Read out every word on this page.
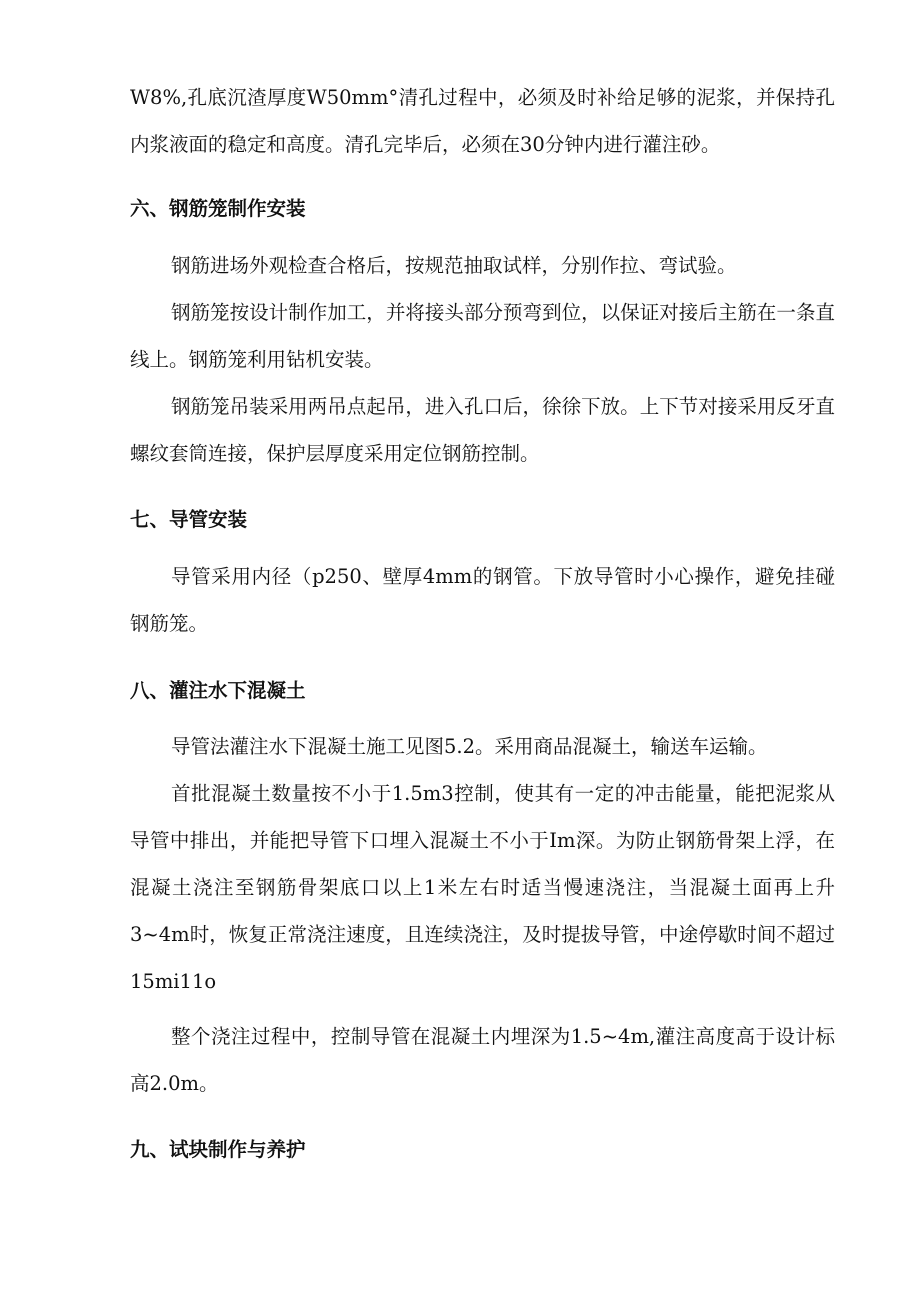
W8%,孔底沉渣厚度W50mm°清孔过程中，必须及时补给足够的泥浆，并保持孔内浆液面的稳定和高度。清孔完毕后，必须在30分钟内进行灌注砂。

六、钢筋笼制作安装

钢筋进场外观检查合格后，按规范抽取试样，分别作拉、弯试验。

钢筋笼按设计制作加工，并将接头部分预弯到位，以保证对接后主筋在一条直线上。钢筋笼利用钻机安装。

钢筋笼吊装采用两吊点起吊，进入孔口后，徐徐下放。上下节对接采用反牙直螺纹套筒连接，保护层厚度采用定位钢筋控制。

七、导管安装

导管采用内径（p250、壁厚4mm的钢管。下放导管时小心操作，避免挂碰钢筋笼。

八、灌注水下混凝土

导管法灌注水下混凝土施工见图5.2。采用商品混凝土，输送车运输。

首批混凝土数量按不小于1.5m3控制，使其有一定的冲击能量，能把泥浆从导管中排出，并能把导管下口埋入混凝土不小于Im深。为防止钢筋骨架上浮，在混凝土浇注至钢筋骨架底口以上1米左右时适当慢速浇注，当混凝土面再上升3~4m时，恢复正常浇注速度，且连续浇注，及时提拔导管，中途停歇时间不超过15mi11o

整个浇注过程中，控制导管在混凝土内埋深为1.5~4m,灌注高度高于设计标高2.0m。

九、试块制作与养护
